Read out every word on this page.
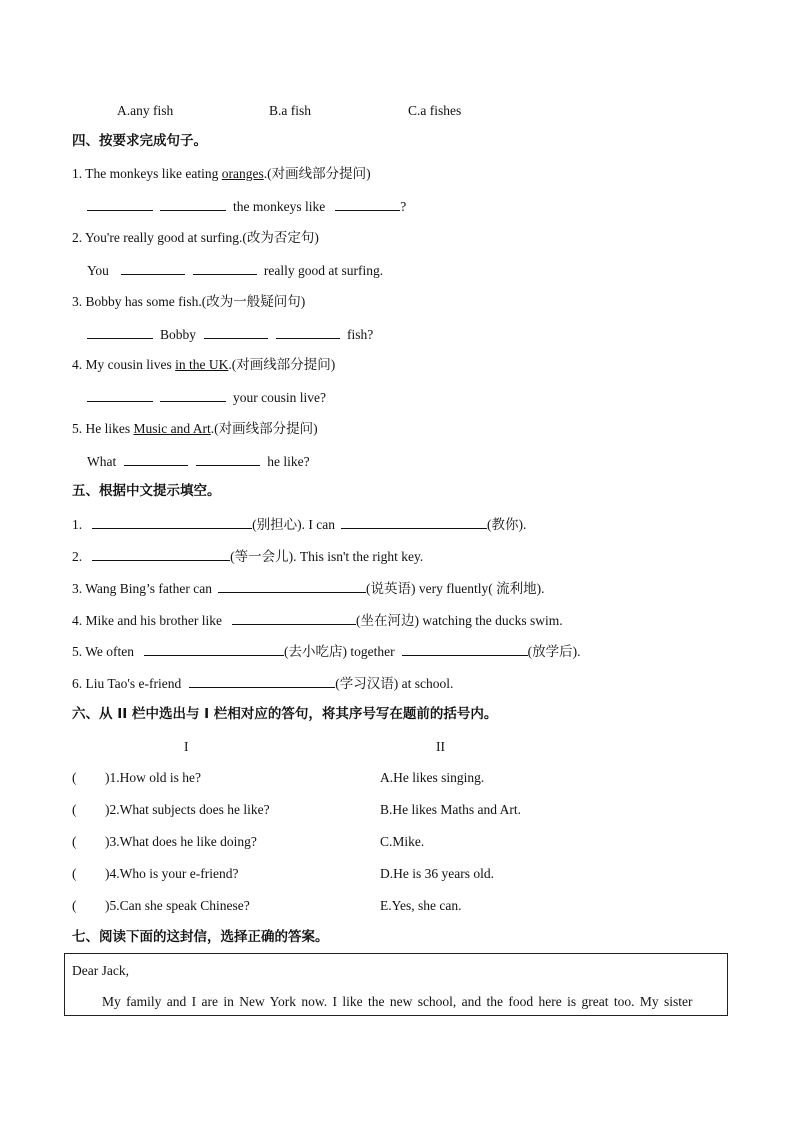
A.any fish	B.a fish	C.a fishes
四、按要求完成句子。
1. The monkeys like eating oranges.(对画线部分提问)
the monkeys like	?
2. You're really good at surfing.(改为否定句)
You	really good at surfing.
3. Bobby has some fish.(改为一般疑问句)
Bobby	fish?
4. My cousin lives in the UK.(对画线部分提问)
your cousin live?
5. He likes Music and Art.(对画线部分提问)
What	he like?
五、根据中文提示填空。
1.	(别担心). I can	(教你).
2.	(等一会儿). This isn't the right key.
3. Wang Bing’s father can	(说英语) very fluently( 流利地).
4. Mike and his brother like	(坐在河边) watching the ducks swim.
5. We often	(去小吃店) together	(放学后).
6. Liu Tao's e-friend	(学习汉语) at school.
六、从 II 栏中选出与 I 栏相对应的答句，将其序号写在题前的括号内。
I	II
( )1.How old is he?	A.He likes singing.
( )2.What subjects does he like?	B.He likes Maths and Art.
( )3.What does he like doing?	C.Mike.
( )4.Who is your e-friend?	D.He is 36 years old.
( )5.Can she speak Chinese?	E.Yes, she can.
七、阅读下面的这封信，选择正确的答案。
Dear Jack,
My family and I are in New York now. I like the new school, and the food here is great too. My sister
